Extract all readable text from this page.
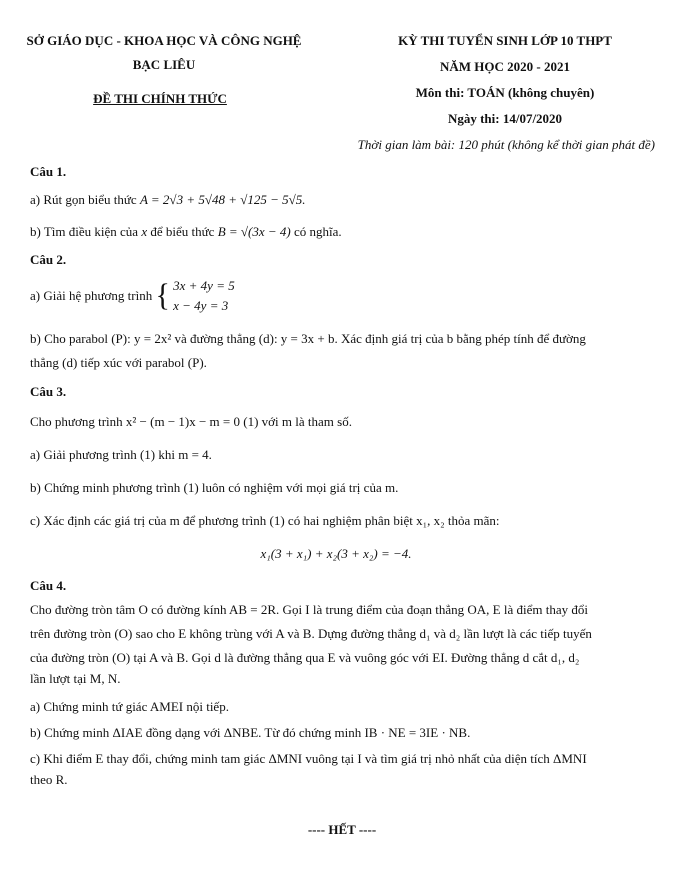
SỞ GIÁO DỤC - KHOA HỌC VÀ CÔNG NGHỆ
BẠC LIÊU
ĐỀ THI CHÍNH THỨC
KỲ THI TUYỂN SINH LỚP 10 THPT
NĂM HỌC 2020 - 2021
Môn thi: TOÁN (không chuyên)
Ngày thi: 14/07/2020
Thời gian làm bài: 120 phút (không kể thời gian phát đề)
Câu 1.
a) Rút gọn biểu thức A = 2√3 + 5√48 + √125 − 5√5.
b) Tìm điều kiện của x để biểu thức B = √(3x − 4) có nghĩa.
Câu 2.
a) Giải hệ phương trình { 3x + 4y = 5
x − 4y = 3
b) Cho parabol (P): y = 2x² và đường thẳng (d): y = 3x + b. Xác định giá trị của b bằng phép tính để đường
thẳng (d) tiếp xúc với parabol (P).
Câu 3.
Cho phương trình x² − (m − 1)x − m = 0 (1) với m là tham số.
a) Giải phương trình (1) khi m = 4.
b) Chứng minh phương trình (1) luôn có nghiệm với mọi giá trị của m.
c) Xác định các giá trị của m để phương trình (1) có hai nghiệm phân biệt x₁, x₂ thỏa mãn:
x₁(3 + x₁) + x₂(3 + x₂) = −4.
Câu 4.
Cho đường tròn tâm O có đường kính AB = 2R. Gọi I là trung điểm của đoạn thẳng OA, E là điểm thay đổi
trên đường tròn (O) sao cho E không trùng với A và B. Dựng đường thẳng d₁ và d₂ lần lượt là các tiếp tuyến
của đường tròn (O) tại A và B. Gọi d là đường thẳng qua E và vuông góc với EI. Đường thẳng d cắt d₁, d₂
lần lượt tại M, N.
a) Chứng minh tứ giác AMEI nội tiếp.
b) Chứng minh ΔIAE đồng dạng với ΔNBE. Từ đó chứng minh IB · NE = 3IE · NB.
c) Khi điểm E thay đổi, chứng minh tam giác ΔMNI vuông tại I và tìm giá trị nhỏ nhất của diện tích ΔMNI
theo R.
---- HẾT ----
